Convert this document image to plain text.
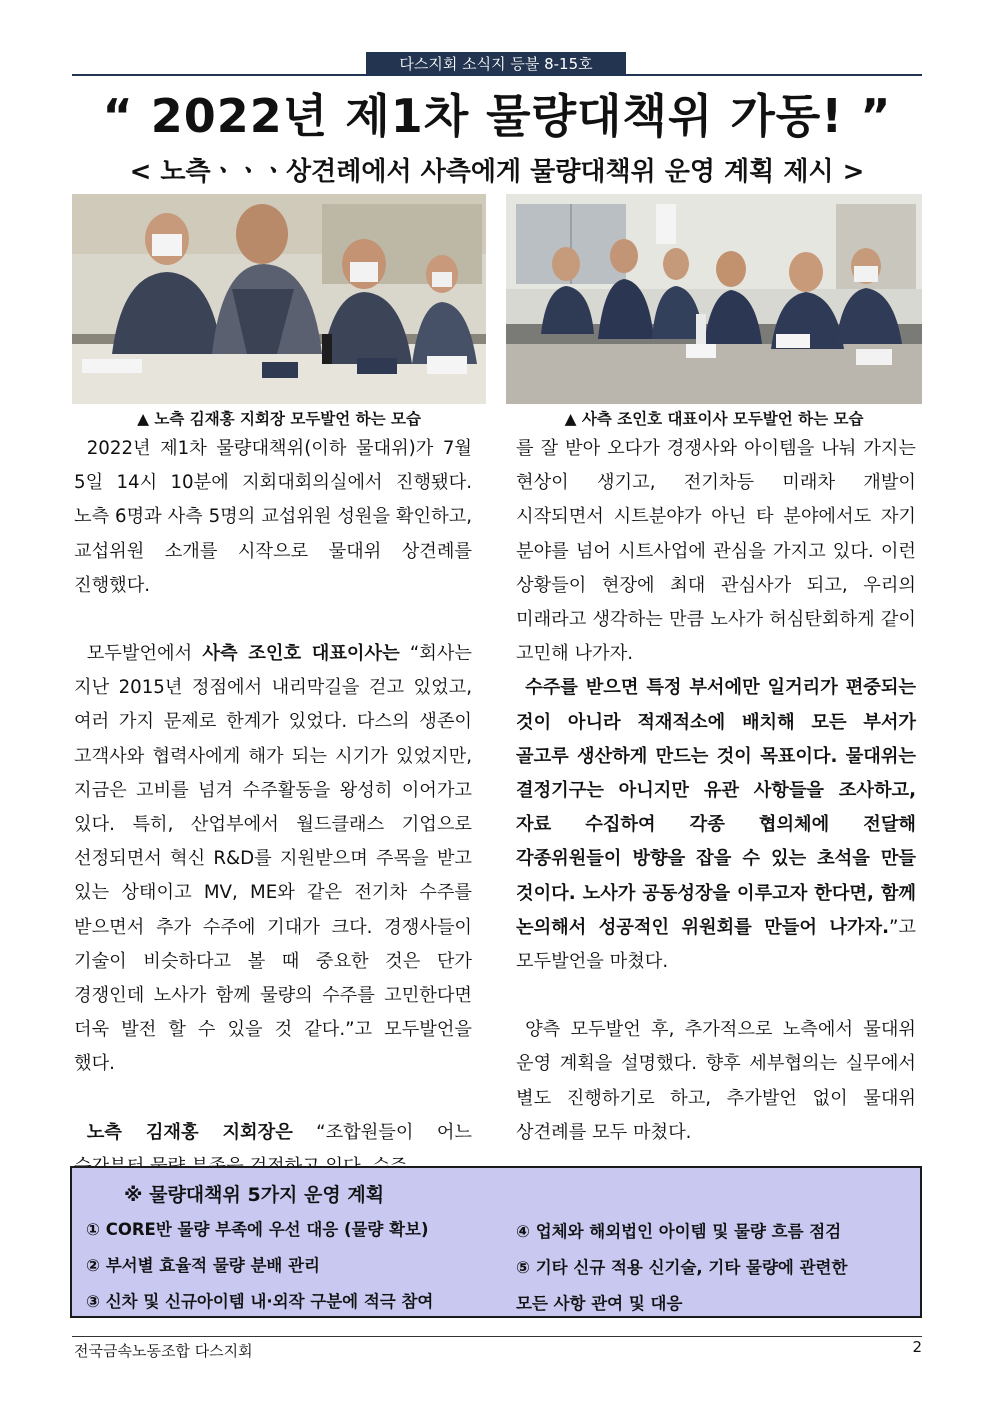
다스지회 소식지 등불 8-15호
“ 2022년 제1차 물량대책위 가동! ”
< 노측ㆍㆍㆍ상견례에서 사측에게 물량대책위 운영 계획 제시 >
▲ 노측 김재홍 지회장 모두발언 하는 모습	▲ 사측 조인호 대표이사 모두발언 하는 모습

2022년 제1차 물량대책위(이하 물대위)가 7월 5일 14시 10분에 지회대회의실에서 진행됐다. 노측 6명과 사측 5명의 교섭위원 성원을 확인하고, 교섭위원 소개를 시작으로 물대위 상견례를 진행했다.

모두발언에서 사측 조인호 대표이사는 “회사는 지난 2015년 정점에서 내리막길을 걷고 있었고, 여러 가지 문제로 한계가 있었다. 다스의 생존이 고객사와 협력사에게 해가 되는 시기가 있었지만, 지금은 고비를 넘겨 수주활동을 왕성히 이어가고 있다. 특히, 산업부에서 월드클래스 기업으로 선정되면서 혁신 R&D를 지원받으며 주목을 받고 있는 상태이고 MV, ME와 같은 전기차 수주를 받으면서 추가 수주에 기대가 크다. 경쟁사들이 기술이 비슷하다고 볼 때 중요한 것은 단가 경쟁인데 노사가 함께 물량의 수주를 고민한다면 더욱 발전 할 수 있을 것 같다.”고 모두발언을 했다.

노측 김재홍 지회장은 “조합원들이 어느

를 잘 받아 오다가 경쟁사와 아이템을 나눠 가지는 현상이 생기고, 전기차등 미래차 개발이 시작되면서 시트분야가 아닌 타 분야에서도 자기 분야를 넘어 시트사업에 관심을 가지고 있다. 이런 상황들이 현장에 최대 관심사가 되고, 우리의 미래라고 생각하는 만큼 노사가 허심탄회하게 같이 고민해 나가자.

수주를 받으면 특정 부서에만 일거리가 편중되는 것이 아니라 적재적소에 배치해 모든 부서가 골고루 생산하게 만드는 것이 목표이다. 물대위는 결정기구는 아니지만 유관 사항들을 조사하고, 자료 수집하여 각종 협의체에 전달해 각종위원들이 방향을 잡을 수 있는 초석을 만들 것이다. 노사가 공동성장을 이루고자 한다면, 함께 논의해서 성공적인 위원회를 만들어 나가자.”고 모두발언을 마쳤다.

양측 모두발언 후, 추가적으로 노측에서 물대위 운영 계획을 설명했다. 향후 세부협의는 실무에서 별도 진행하기로 하고, 추가발언 없이 물대위 상견례를 모두 마쳤다.

※ 물량대책위 5가지 운영 계획
① CORE반 물량 부족에 우선 대응 (물량 확보)
② 부서별 효율적 물량 분배 관리
③ 신차 및 신규아이템 내·외작 구분에 적극 참여
④ 업체와 해외법인 아이템 및 물량 흐름 점검
⑤ 기타 신규 적용 신기술, 기타 물량에 관련한
모든 사항 관여 및 대응
전국금속노동조합 다스지회	2
